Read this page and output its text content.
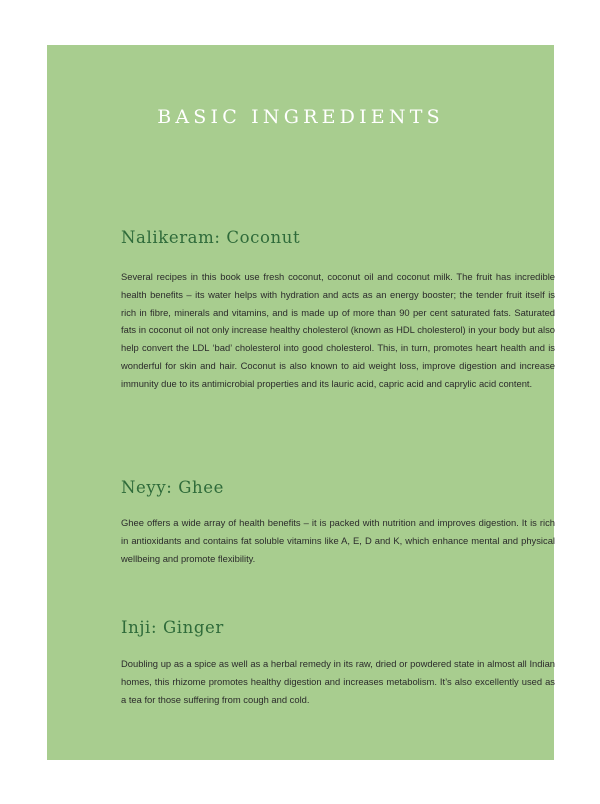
BASIC INGREDIENTS
Nalikeram: Coconut

Several recipes in this book use fresh coconut, coconut oil and coconut milk. The fruit has incredible health benefits – its water helps with hydration and acts as an energy booster; the tender fruit itself is rich in fibre, minerals and vitamins, and is made up of more than 90 per cent saturated fats. Saturated fats in coconut oil not only increase healthy cholesterol (known as HDL cholesterol) in your body but also help convert the LDL ‘bad’ cholesterol into good cholesterol. This, in turn, promotes heart health and is wonderful for skin and hair. Coconut is also known to aid weight loss, improve digestion and increase immunity due to its antimicrobial properties and its lauric acid, capric acid and caprylic acid content.

Neyy: Ghee

Ghee offers a wide array of health benefits – it is packed with nutrition and improves digestion. It is rich in antioxidants and contains fat soluble vitamins like A, E, D and K, which enhance mental and physical wellbeing and promote flexibility.

Inji: Ginger

Doubling up as a spice as well as a herbal remedy in its raw, dried or powdered state in almost all Indian homes, this rhizome promotes healthy digestion and increases metabolism. It’s also excellently used as a tea for those suffering from cough and cold.
